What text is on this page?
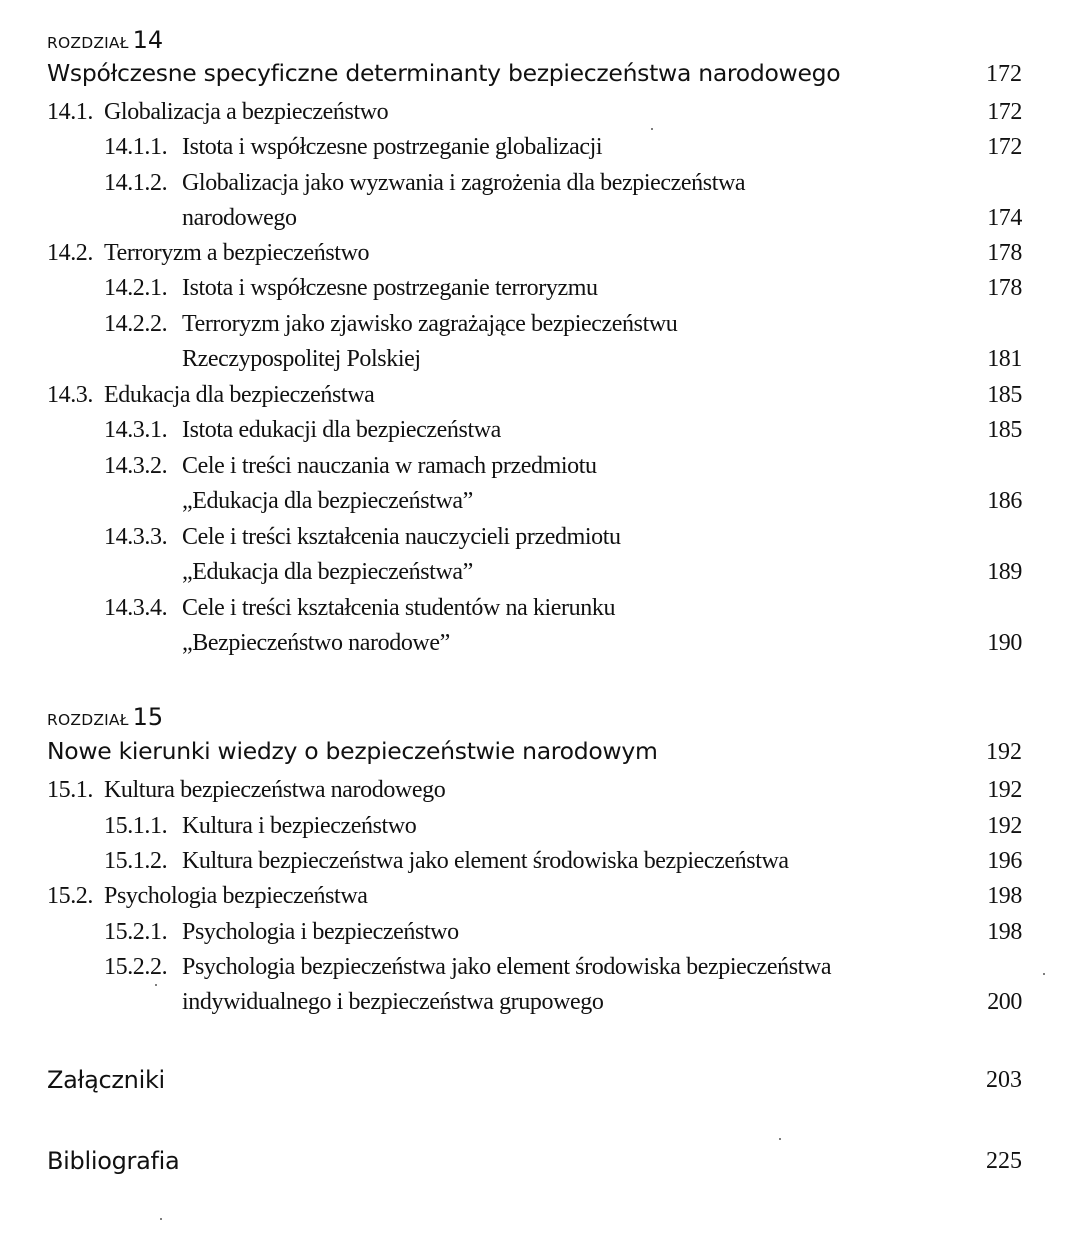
ROZDZIAŁ 14
Współczesne specyficzne determinanty bezpieczeństwa narodowego	172
14.1. Globalizacja a bezpieczeństwo	172
14.1.1. Istota i współczesne postrzeganie globalizacji	172
14.1.2. Globalizacja jako wyzwania i zagrożenia dla bezpieczeństwa
narodowego	174
14.2. Terroryzm a bezpieczeństwo	178
14.2.1. Istota i współczesne postrzeganie terroryzmu	178
14.2.2. Terroryzm jako zjawisko zagrażające bezpieczeństwu
Rzeczypospolitej Polskiej	181
14.3. Edukacja dla bezpieczeństwa	185
14.3.1. Istota edukacji dla bezpieczeństwa	185
14.3.2. Cele i treści nauczania w ramach przedmiotu
„Edukacja dla bezpieczeństwa”	186
14.3.3. Cele i treści kształcenia nauczycieli przedmiotu
„Edukacja dla bezpieczeństwa”	189
14.3.4. Cele i treści kształcenia studentów na kierunku
„Bezpieczeństwo narodowe”	190
ROZDZIAŁ 15
Nowe kierunki wiedzy o bezpieczeństwie narodowym	192
15.1. Kultura bezpieczeństwa narodowego	192
15.1.1. Kultura i bezpieczeństwo	192
15.1.2. Kultura bezpieczeństwa jako element środowiska bezpieczeństwa	196
15.2. Psychologia bezpieczeństwa	198
15.2.1. Psychologia i bezpieczeństwo	198
15.2.2. Psychologia bezpieczeństwa jako element środowiska bezpieczeństwa
indywidualnego i bezpieczeństwa grupowego	200
Załączniki	203
Bibliografia	225
